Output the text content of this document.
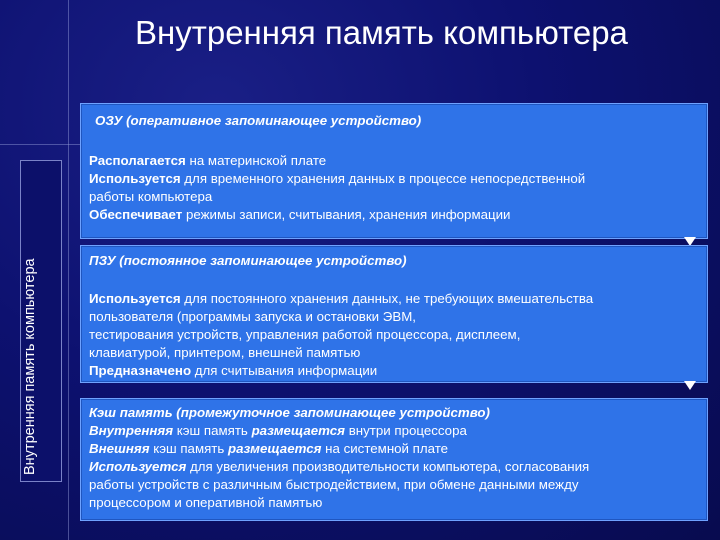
Внутренняя память компьютера
Внутренняя память компьютера
ОЗУ (оперативное запоминающее устройство)
Располагается на материнской плате
Используется для временного хранения данных в процессе непосредственной
работы компьютера
Обеспечивает режимы записи, считывания, хранения информации
ПЗУ (постоянное запоминающее устройство)
Используется для постоянного хранения данных, не требующих вмешательства
пользователя (программы запуска и остановки ЭВМ,
тестирования устройств, управления работой процессора, дисплеем,
клавиатурой, принтером, внешней памятью
Предназначено для считывания информации
Кэш память (промежуточное запоминающее устройство)
Внутренняя кэш память размещается внутри процессора
Внешняя кэш память размещается на системной плате
Используется для увеличения производительности компьютера, согласования
работы устройств с различным быстродействием, при обмене данными между
процессором и оперативной памятью
